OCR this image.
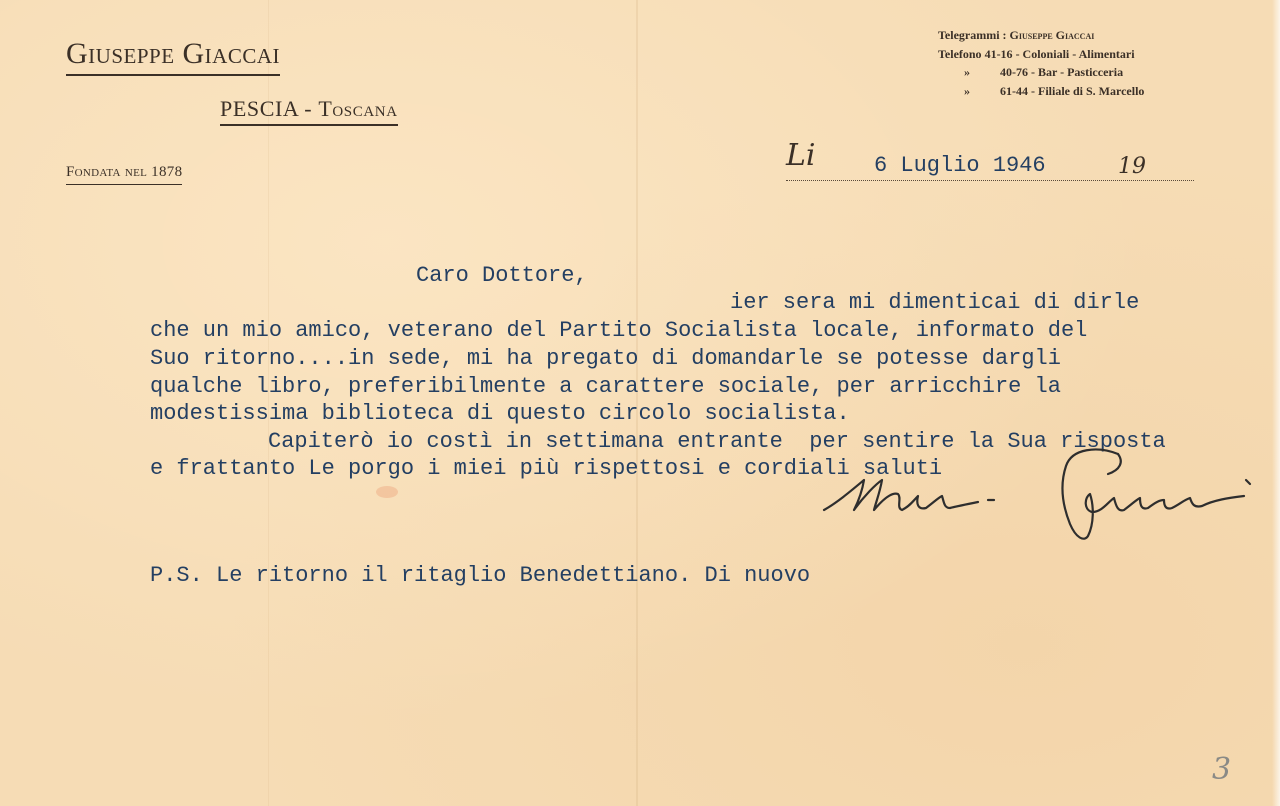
Giuseppe Giaccai
PESCIA - Toscana
Fondata nel 1878
Telegrammi : Giuseppe Giaccai
Telefono 41-16 - Coloniali - Alimentari
»	40-76 - Bar - Pasticceria
»	61-44 - Filiale di S. Marcello
Li	6 Luglio 1946	19
Caro Dottore,
ier sera mi dimenticai di dirle
che un mio amico, veterano del Partito Socialista locale, informato del
Suo ritorno....in sede, mi ha pregato di domandarle se potesse dargli
qualche libro, preferibilmente a carattere sociale, per arricchire la
modestissima biblioteca di questo circolo socialista.
Capiterò io costì in settimana entrante  per sentire la Sua risposta
e frattanto Le porgo i miei più rispettosi e cordiali saluti
P.S. Le ritorno il ritaglio Benedettiano. Di nuovo
3
